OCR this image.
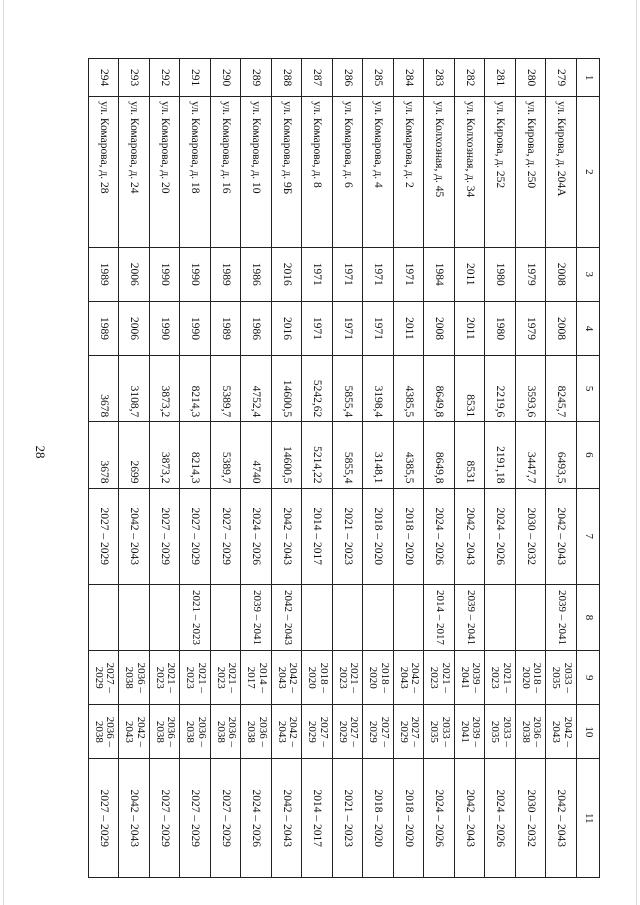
28
1	2	3	4	5	6	7	8	9	10	11
279	ул. Кирова, д. 204А	2008	2008	8245,7	6493,5	2042 – 2043	2039 – 2041	2033 – 2035	2042 – 2043	2042 – 2043
280	ул. Кирова, д. 250	1979	1979	3593,6	3447,7	2030 – 2032		2018 – 2020	2036 – 2038	2030 – 2032
281	ул. Кирова, д. 252	1980	1980	2219,6	2191,18	2024 – 2026		2021 – 2023	2033 – 2035	2024 – 2026
282	ул. Колхозная, д. 34	2011	2011	8531	8531	2042 – 2043	2039 – 2041	2039 – 2041	2039 – 2041	2042 – 2043
283	ул. Колхозная, д. 45	1984	2008	8649,8	8649,8	2024 – 2026	2014 – 2017	2021 – 2023	2033 – 2035	2024 – 2026
284	ул. Комарова, д. 2	1971	2011	4385,5	4385,5	2018 – 2020		2042 – 2043	2027 – 2029	2018 – 2020
285	ул. Комарова, д. 4	1971	1971	3198,4	3148,1	2018 – 2020		2018 – 2020	2027 – 2029	2018 – 2020
286	ул. Комарова, д. 6	1971	1971	5855,4	5855,4	2021 – 2023		2021 – 2023	2027 – 2029	2021 – 2023
287	ул. Комарова, д. 8	1971	1971	5242,62	5214,22	2014 – 2017		2018 – 2020	2027 – 2029	2014 – 2017
288	ул. Комарова, д. 9Б	2016	2016	14600,5	14600,5	2042 – 2043	2042 – 2043	2042 – 2043	2042 – 2043	2042 – 2043
289	ул. Комарова, д. 10	1986	1986	4752,4	4740	2024 – 2026	2039 – 2041	2014 – 2017	2036 – 2038	2024 – 2026
290	ул. Комарова, д. 16	1989	1989	5389,7	5389,7	2027 – 2029		2021 – 2023	2036 – 2038	2027 – 2029
291	ул. Комарова, д. 18	1990	1990	8214,3	8214,3	2027 – 2029	2021 – 2023	2021 – 2023	2036 – 2038	2027 – 2029
292	ул. Комарова, д. 20	1990	1990	3873,2	3873,2	2027 – 2029		2021 – 2023	2036 – 2038	2027 – 2029
293	ул. Комарова, д. 24	2006	2006	3108,7	2699	2042 – 2043		2036 – 2038	2042 – 2043	2042 – 2043
294	ул. Комарова, д. 28	1989	1989	3678	3678	2027 – 2029		2027 – 2029	2036 – 2038	2027 – 2029
